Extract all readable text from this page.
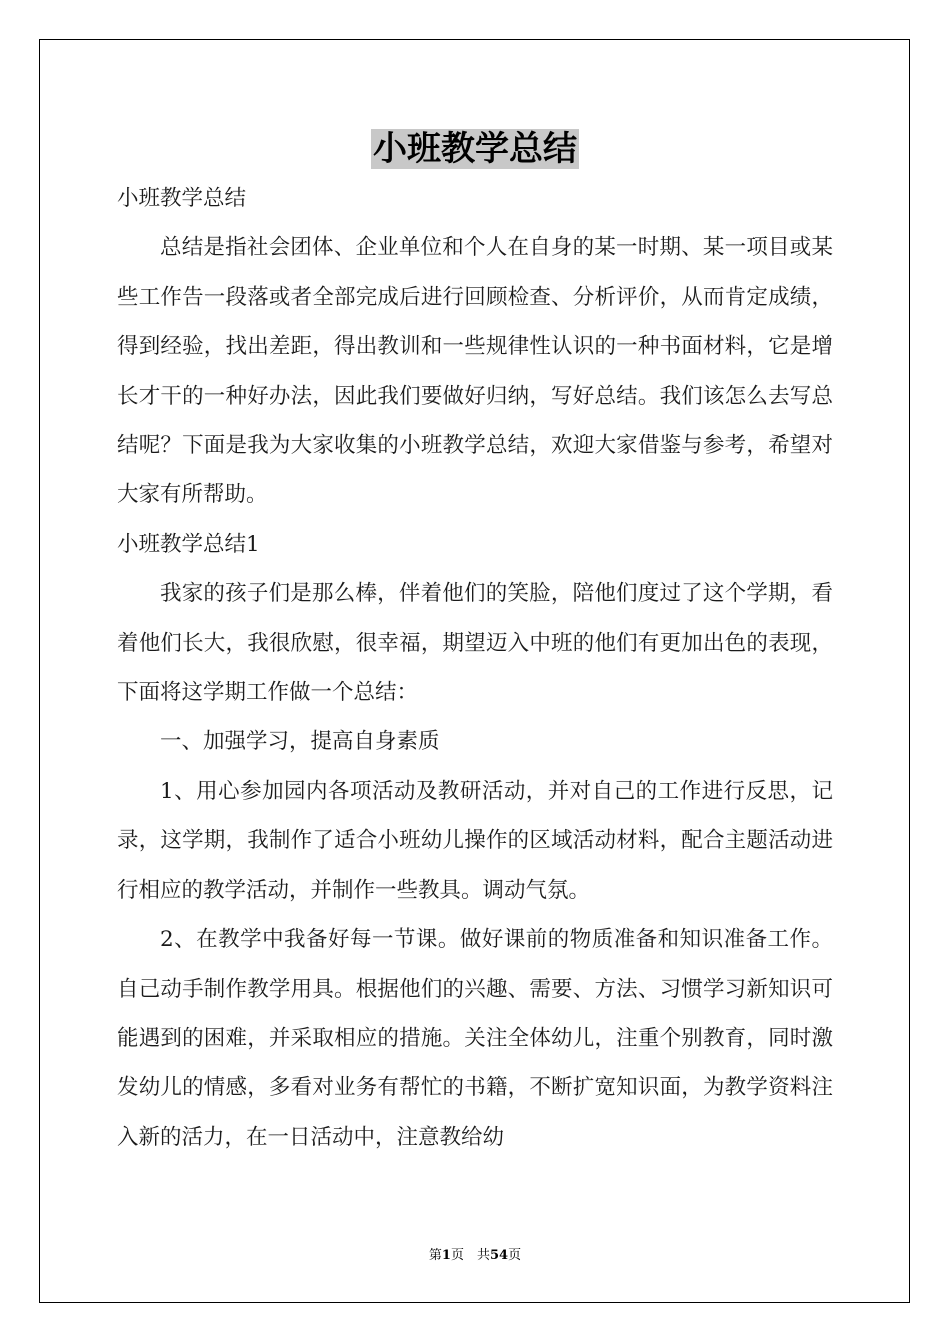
小班教学总结

小班教学总结

总结是指社会团体、企业单位和个人在自身的某一时期、某一项目或某些工作告一段落或者全部完成后进行回顾检查、分析评价，从而肯定成绩，得到经验，找出差距，得出教训和一些规律性认识的一种书面材料，它是增长才干的一种好办法，因此我们要做好归纳，写好总结。我们该怎么去写总结呢？下面是我为大家收集的小班教学总结，欢迎大家借鉴与参考，希望对大家有所帮助。

小班教学总结1

我家的孩子们是那么棒，伴着他们的笑脸，陪他们度过了这个学期，看着他们长大，我很欣慰，很幸福，期望迈入中班的他们有更加出色的表现，下面将这学期工作做一个总结：

一、加强学习，提高自身素质

1、用心参加园内各项活动及教研活动，并对自己的工作进行反思，记录，这学期，我制作了适合小班幼儿操作的区域活动材料，配合主题活动进行相应的教学活动，并制作一些教具。调动气氛。

2、在教学中我备好每一节课。做好课前的物质准备和知识准备工作。自己动手制作教学用具。根据他们的兴趣、需要、方法、习惯学习新知识可能遇到的困难，并采取相应的措施。关注全体幼儿，注重个别教育，同时激发幼儿的情感，多看对业务有帮忙的书籍，不断扩宽知识面，为教学资料注入新的活力，在一日活动中，注意教给幼

第1页　共54页
